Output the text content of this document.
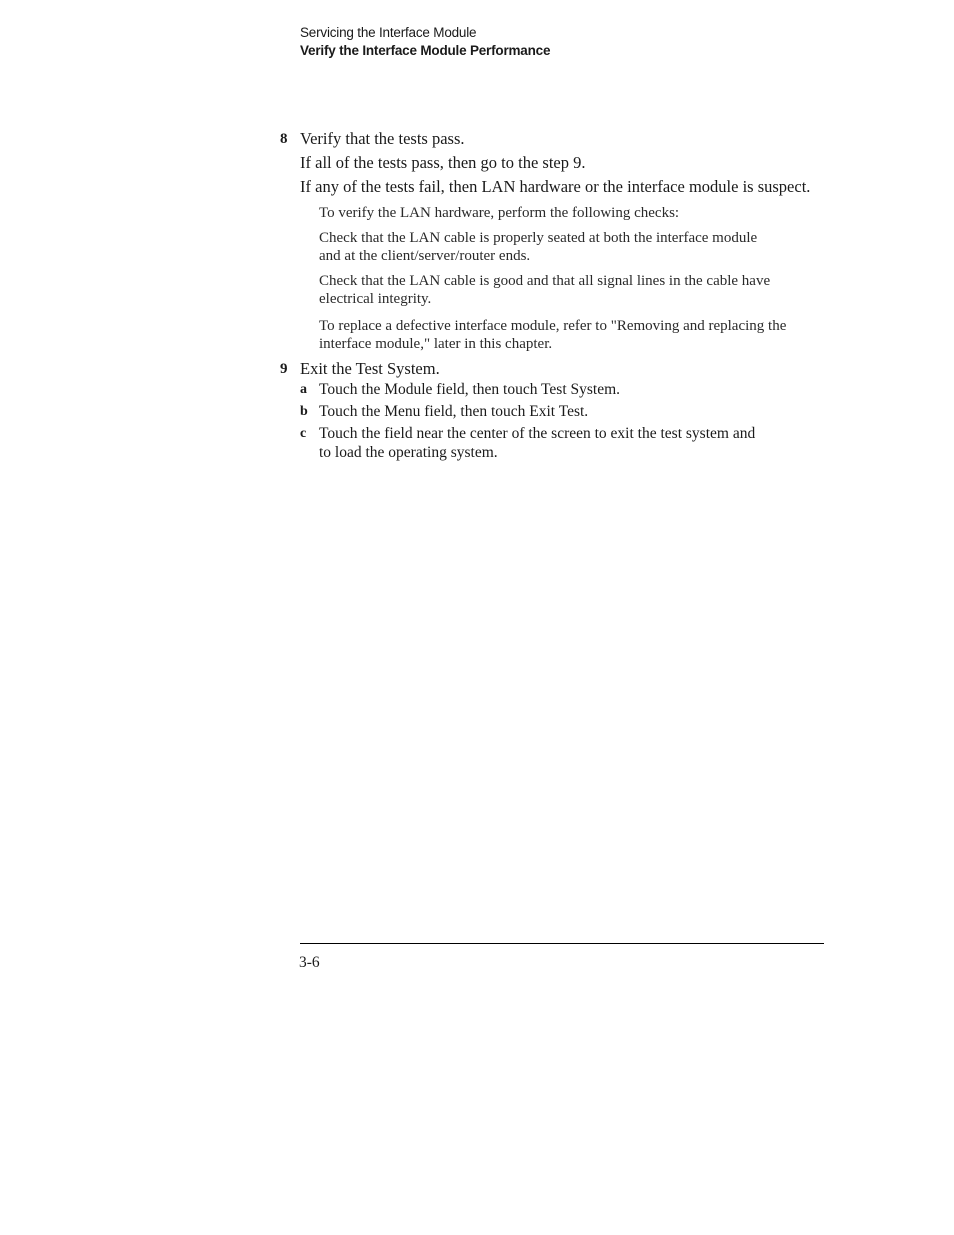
Servicing the Interface Module
Verify the Interface Module Performance
8 Verify that the tests pass.
If all of the tests pass, then go to the step 9.
If any of the tests fail, then LAN hardware or the interface module is suspect.
To verify the LAN hardware, perform the following checks:
Check that the LAN cable is properly seated at both the interface module and at the client/server/router ends.
Check that the LAN cable is good and that all signal lines in the cable have electrical integrity.
To replace a defective interface module, refer to "Removing and replacing the interface module," later in this chapter.
9 Exit the Test System.
a Touch the Module field, then touch Test System.
b Touch the Menu field, then touch Exit Test.
c Touch the field near the center of the screen to exit the test system and to load the operating system.
3-6
